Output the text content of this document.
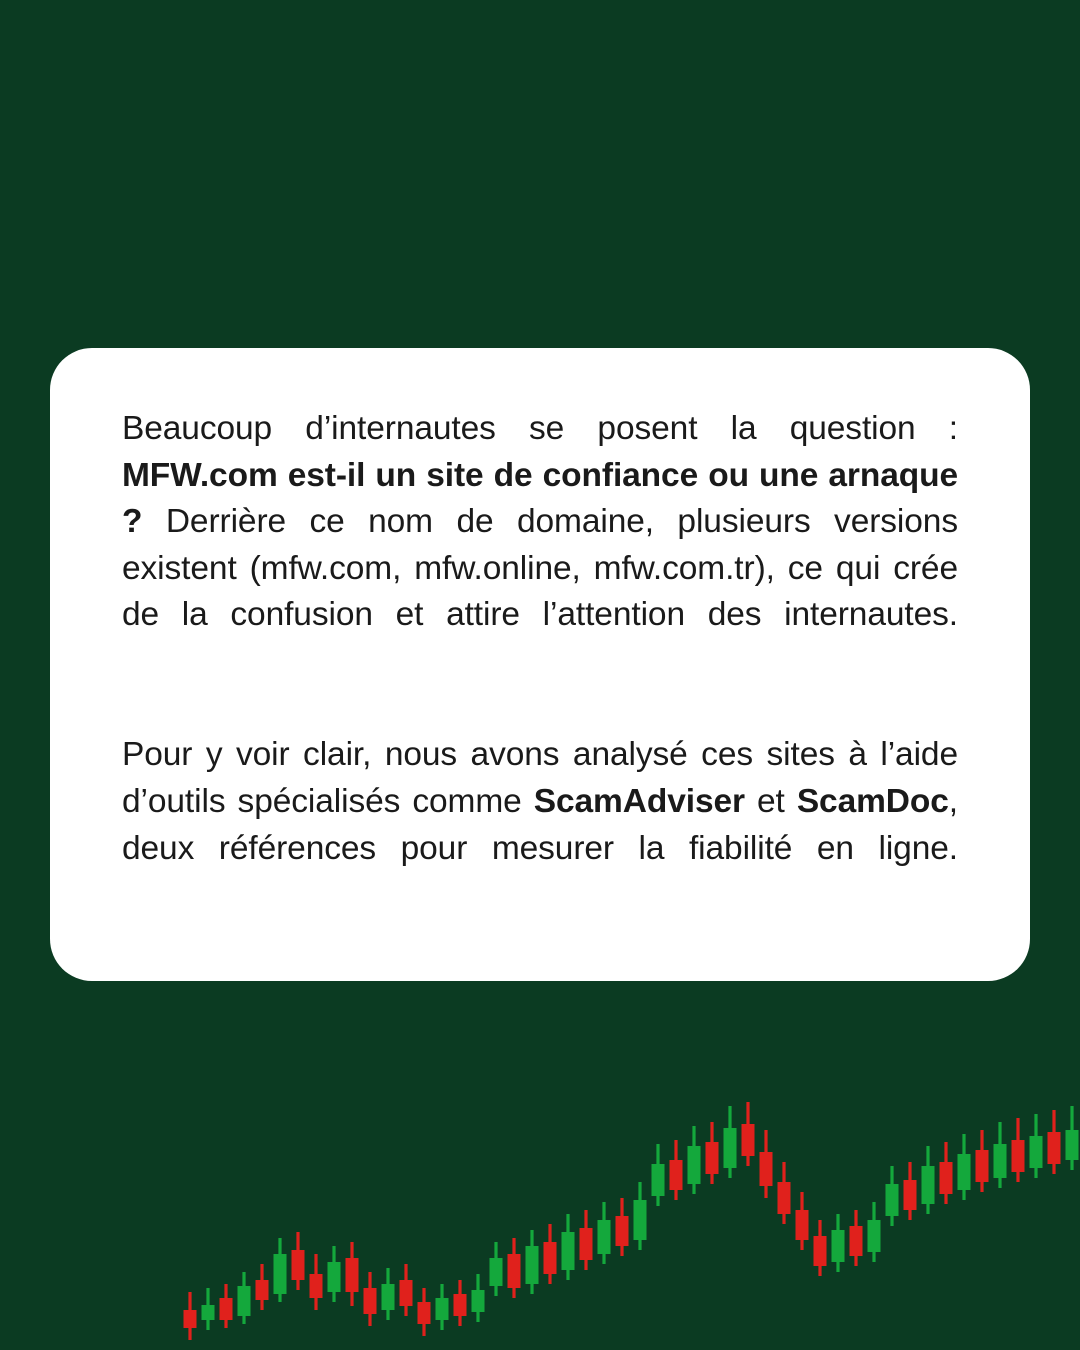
Beaucoup d’internautes se posent la question : MFW.com est-il un site de confiance ou une arnaque ? Derrière ce nom de domaine, plusieurs versions existent (mfw.com, mfw.online, mfw.com.tr), ce qui crée de la confusion et attire l’attention des internautes.

Pour y voir clair, nous avons analysé ces sites à l’aide d’outils spécialisés comme ScamAdviser et ScamDoc, deux références pour mesurer la fiabilité en ligne.
